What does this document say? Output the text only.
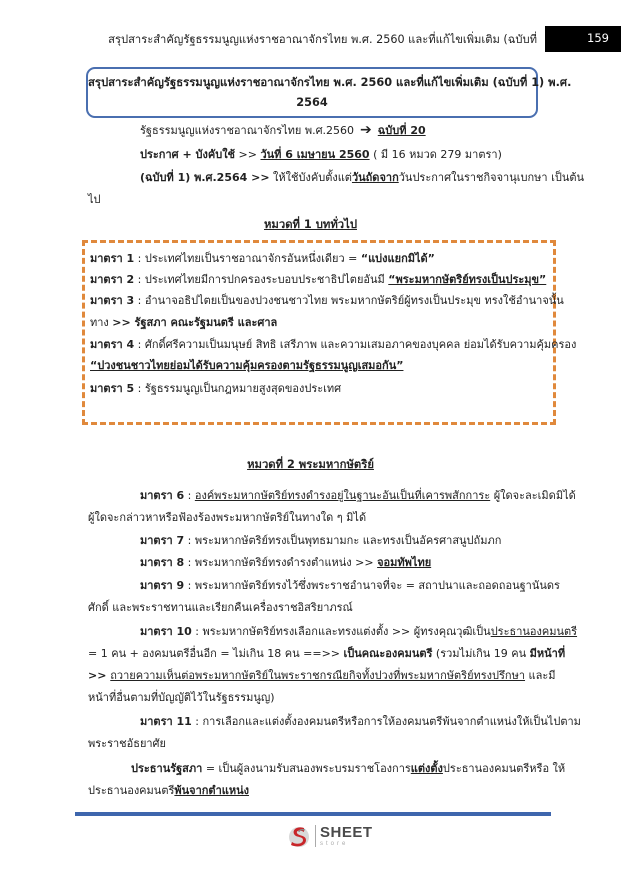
สรุปสาระสำคัญรัฐธรรมนูญแห่งราชอาณาจักรไทย พ.ศ. 2560 และที่แก้ไขเพิ่มเติม (ฉบับที่	159
สรุปสาระสำคัญรัฐธรรมนูญแห่งราชอาณาจักรไทย พ.ศ. 2560 และที่แก้ไขเพิ่มเติม (ฉบับที่ 1) พ.ศ.
2564
รัฐธรรมนูญแห่งราชอาณาจักรไทย พ.ศ.2560 ➔ ฉบับที่ 20
ประกาศ + บังคับใช้ >> วันที่ 6 เมษายน 2560 ( มี 16 หมวด 279 มาตรา)
(ฉบับที่ 1) พ.ศ.2564 >> ให้ใช้บังคับตั้งแต่วันถัดจากวันประกาศในราชกิจจานุเบกษา เป็นต้น
ไป
หมวดที่ 1 บททั่วไป
มาตรา 1 : ประเทศไทยเป็นราชอาณาจักรอันหนึ่งเดียว = “แบ่งแยกมิได้”
มาตรา 2 : ประเทศไทยมีการปกครองระบอบประชาธิปไตยอันมี “พระมหากษัตริย์ทรงเป็นประมุข”
มาตรา 3 : อำนาจอธิปไตยเป็นของปวงชนชาวไทย พระมหากษัตริย์ผู้ทรงเป็นประมุข ทรงใช้อำนาจนั้น
ทาง >> รัฐสภา คณะรัฐมนตรี และศาล
มาตรา 4 : ศักดิ์ศรีความเป็นมนุษย์ สิทธิ เสรีภาพ และความเสมอภาคของบุคคล ย่อมได้รับความคุ้มครอง
“ปวงชนชาวไทยย่อมได้รับความคุ้มครองตามรัฐธรรมนูญเสมอกัน”
มาตรา 5 : รัฐธรรมนูญเป็นกฎหมายสูงสุดของประเทศ
หมวดที่ 2 พระมหากษัตริย์
มาตรา 6 : องค์พระมหากษัตริย์ทรงดำรงอยู่ในฐานะอันเป็นที่เคารพสักการะ ผู้ใดจะละเมิดมิได้
ผู้ใดจะกล่าวหาหรือฟ้องร้องพระมหากษัตริย์ในทางใด ๆ มิได้
มาตรา 7 : พระมหากษัตริย์ทรงเป็นพุทธมามกะ และทรงเป็นอัครศาสนูปถัมภก
มาตรา 8 : พระมหากษัตริย์ทรงดำรงตำแหน่ง >> จอมทัพไทย
มาตรา 9 : พระมหากษัตริย์ทรงไว้ซึ่งพระราชอำนาจที่จะ = สถาปนาและถอดถอนฐานันดร
ศักดิ์ และพระราชทานและเรียกคืนเครื่องราชอิสริยาภรณ์
มาตรา 10 : พระมหากษัตริย์ทรงเลือกและทรงแต่งตั้ง >> ผู้ทรงคุณวุฒิเป็นประธานองคมนตรี
= 1 คน + องคมนตรีอื่นอีก = ไม่เกิน 18 คน ==>> เป็นคณะองคมนตรี (รวมไม่เกิน 19 คน มีหน้าที่
>> ถวายความเห็นต่อพระมหากษัตริย์ในพระราชกรณียกิจทั้งปวงที่พระมหากษัตริย์ทรงปรึกษา และมี
หน้าที่อื่นตามที่บัญญัติไว้ในรัฐธรรมนูญ)
มาตรา 11 : การเลือกและแต่งตั้งองคมนตรีหรือการให้องคมนตรีพ้นจากตำแหน่งให้เป็นไปตาม
พระราชอัธยาศัย
ประธานรัฐสภา = เป็นผู้ลงนามรับสนองพระบรมราชโองการแต่งตั้งประธานองคมนตรีหรือ ให้
ประธานองคมนตรีพ้นจากตำแหน่ง
SHEET
store
